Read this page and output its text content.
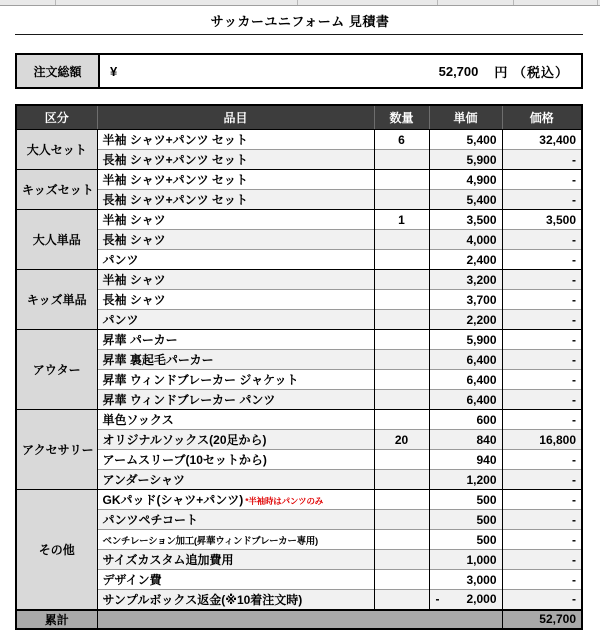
サッカーユニフォーム 見積書
注文総額	¥	52,700 円 （税込）
区分	品目	数量	単価	価格
大人セット	半袖 シャツ+パンツ セット	6	5,400	32,400
	長袖 シャツ+パンツ セット		5,900	-
キッズセット	半袖 シャツ+パンツ セット		4,900	-
	長袖 シャツ+パンツ セット		5,400	-
大人単品	半袖 シャツ	1	3,500	3,500
	長袖 シャツ		4,000	-
	パンツ		2,400	-
キッズ単品	半袖 シャツ		3,200	-
	長袖 シャツ		3,700	-
	パンツ		2,200	-
アウター	昇華 パーカー		5,900	-
	昇華 裏起毛パーカー		6,400	-
	昇華 ウィンドブレーカー ジャケット		6,400	-
	昇華 ウィンドブレーカー パンツ		6,400	-
アクセサリー	単色ソックス		600	-
	オリジナルソックス(20足から)	20	840	16,800
	アームスリーブ(10セットから)		940	-
	アンダーシャツ		1,200	-
その他	GKパッド(シャツ+パンツ) *半袖時はパンツのみ		500	-
	パンツペチコート		500	-
	ベンチレーション加工(昇華ウィンドブレーカー専用)		500	-
	サイズカスタム追加費用		1,000	-
	デザイン費		3,000	-
	サンプルボックス返金(※10着注文時)		- 2,000	-
累計				52,700
